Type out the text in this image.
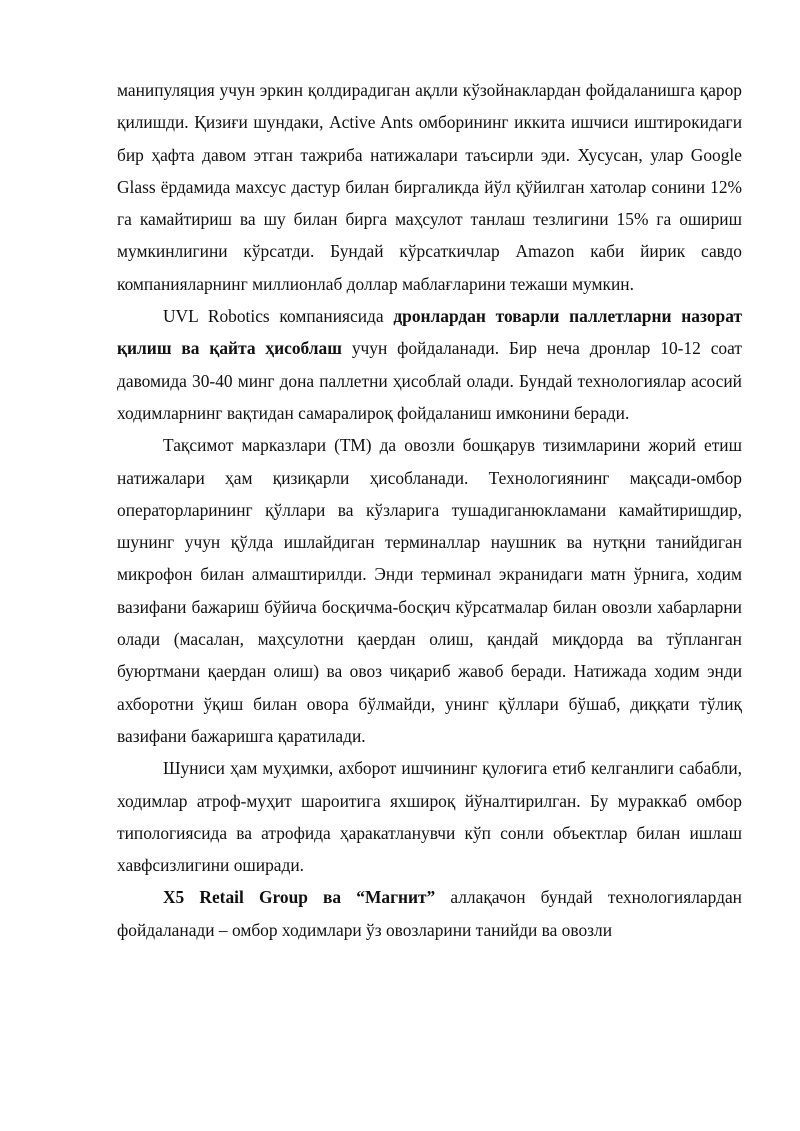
манипуляция учун эркин қолдирадиган ақлли кўзойнаклардан фойдаланишга қарор қилишди. Қизиғи шундаки, Active Ants омборининг иккита ишчиси иштирокидаги бир ҳафта давом этган тажриба натижалари таъсирли эди. Хусусан, улар Google Glass ёрдамида махсус дастур билан биргаликда йўл қўйилган хатолар сонини 12% га камайтириш ва шу билан бирга маҳсулот танлаш тезлигини 15% га ошириш мумкинлигини кўрсатди. Бундай кўрсаткичлар Amazon каби йирик савдо компанияларнинг миллионлаб доллар маблағларини тежаши мумкин.

UVL Robotics компаниясида дронлардан товарли паллетларни назорат қилиш ва қайта ҳисоблаш учун фойдаланади. Бир неча дронлар 10-12 соат давомида 30-40 минг дона паллетни ҳисоблай олади. Бундай технологиялар асосий ходимларнинг вақтидан самаралироқ фойдаланиш имконини беради.

Тақсимот марказлари (ТМ) да овозли бошқарув тизимларини жорий етиш натижалари ҳам қизиқарли ҳисобланади. Технологиянинг мақсади-омбор операторларининг қўллари ва кўзларига тушадиганюкламани камайтиришдир, шунинг учун қўлда ишлайдиган терминаллар наушник ва нутқни танийдиган микрофон билан алмаштирилди. Энди терминал экранидаги матн ўрнига, ходим вазифани бажариш бўйича босқичма-босқич кўрсатмалар билан овозли хабарларни олади (масалан, маҳсулотни қаердан олиш, қандай миқдорда ва тўпланган буюртмани қаердан олиш) ва овоз чиқариб жавоб беради. Натижада ходим энди ахборотни ўқиш билан овора бўлмайди, унинг қўллари бўшаб, диққати тўлиқ вазифани бажаришга қаратилади.

Шуниси ҳам муҳимки, ахборот ишчининг қулоғига етиб келганлиги сабабли, ходимлар атроф-муҳит шароитига яхшироқ йўналтирилган. Бу мураккаб омбор типологиясида ва атрофида ҳаракатланувчи кўп сонли объектлар билан ишлаш хавфсизлигини оширади.

X5 Retail Group ва “Магнит” аллақачон бундай технологиялардан фойдаланади – омбор ходимлари ўз овозларини танийди ва овозли
